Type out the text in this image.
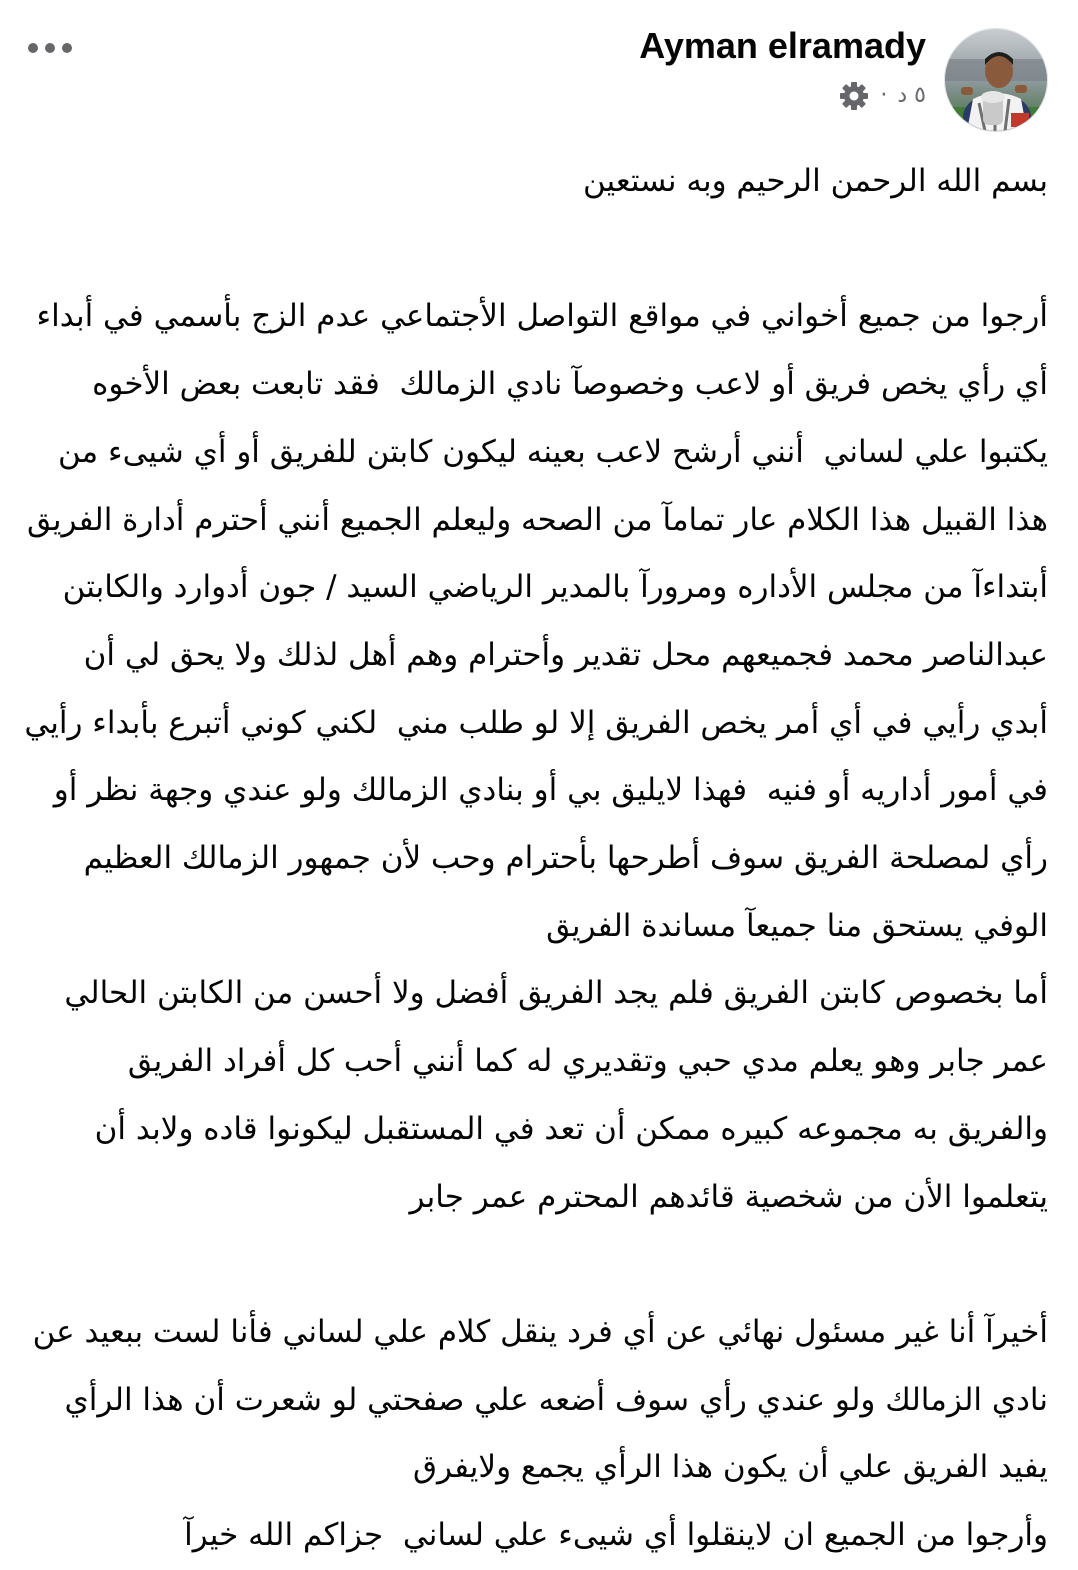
Ayman elramady
· ٥ د

بسم الله الرحمن الرحيم وبه نستعين

أرجوا من جميع أخواني في مواقع التواصل الأجتماعي عدم الزج بأسمي في أبداء أي رأي يخص فريق أو لاعب وخصوصآ نادي الزمالك  فقد تابعت بعض الأخوه يكتبوا علي لساني  أنني أرشح لاعب بعينه ليكون كابتن للفريق أو أي شيىء من هذا القبيل هذا الكلام عار تمامآ من الصحه وليعلم الجميع أنني أحترم أدارة الفريق أبتداءآ من مجلس الأداره ومرورآ بالمدير الرياضي السيد / جون أدوارد والكابتن عبدالناصر محمد فجميعهم محل تقدير وأحترام وهم أهل لذلك ولا يحق لي أن أبدي رأيي في أي أمر يخص الفريق إلا لو طلب مني  لكني كوني أتبرع بأبداء رأيي في أمور أداريه أو فنيه  فهذا لايليق بي أو بنادي الزمالك ولو عندي وجهة نظر أو رأي لمصلحة الفريق سوف أطرحها بأحترام وحب لأن جمهور الزمالك العظيم الوفي يستحق منا جميعآ مساندة الفريق

أما بخصوص كابتن الفريق فلم يجد الفريق أفضل ولا أحسن من الكابتن الحالي عمر جابر وهو يعلم مدي حبي وتقديري له كما أنني أحب كل أفراد الفريق والفريق به مجموعه كبيره ممكن أن تعد في المستقبل ليكونوا قاده ولابد أن يتعلموا الأن من شخصية قائدهم المحترم عمر جابر

أخيرآ أنا غير مسئول نهائي عن أي فرد ينقل كلام علي لساني فأنا لست ببعيد عن نادي الزمالك ولو عندي رأي سوف أضعه علي صفحتي لو شعرت أن هذا الرأي يفيد الفريق علي أن يكون هذا الرأي يجمع ولايفرق

وأرجوا من الجميع ان لاينقلوا أي شيىء علي لساني  جزاكم الله خيرآ
